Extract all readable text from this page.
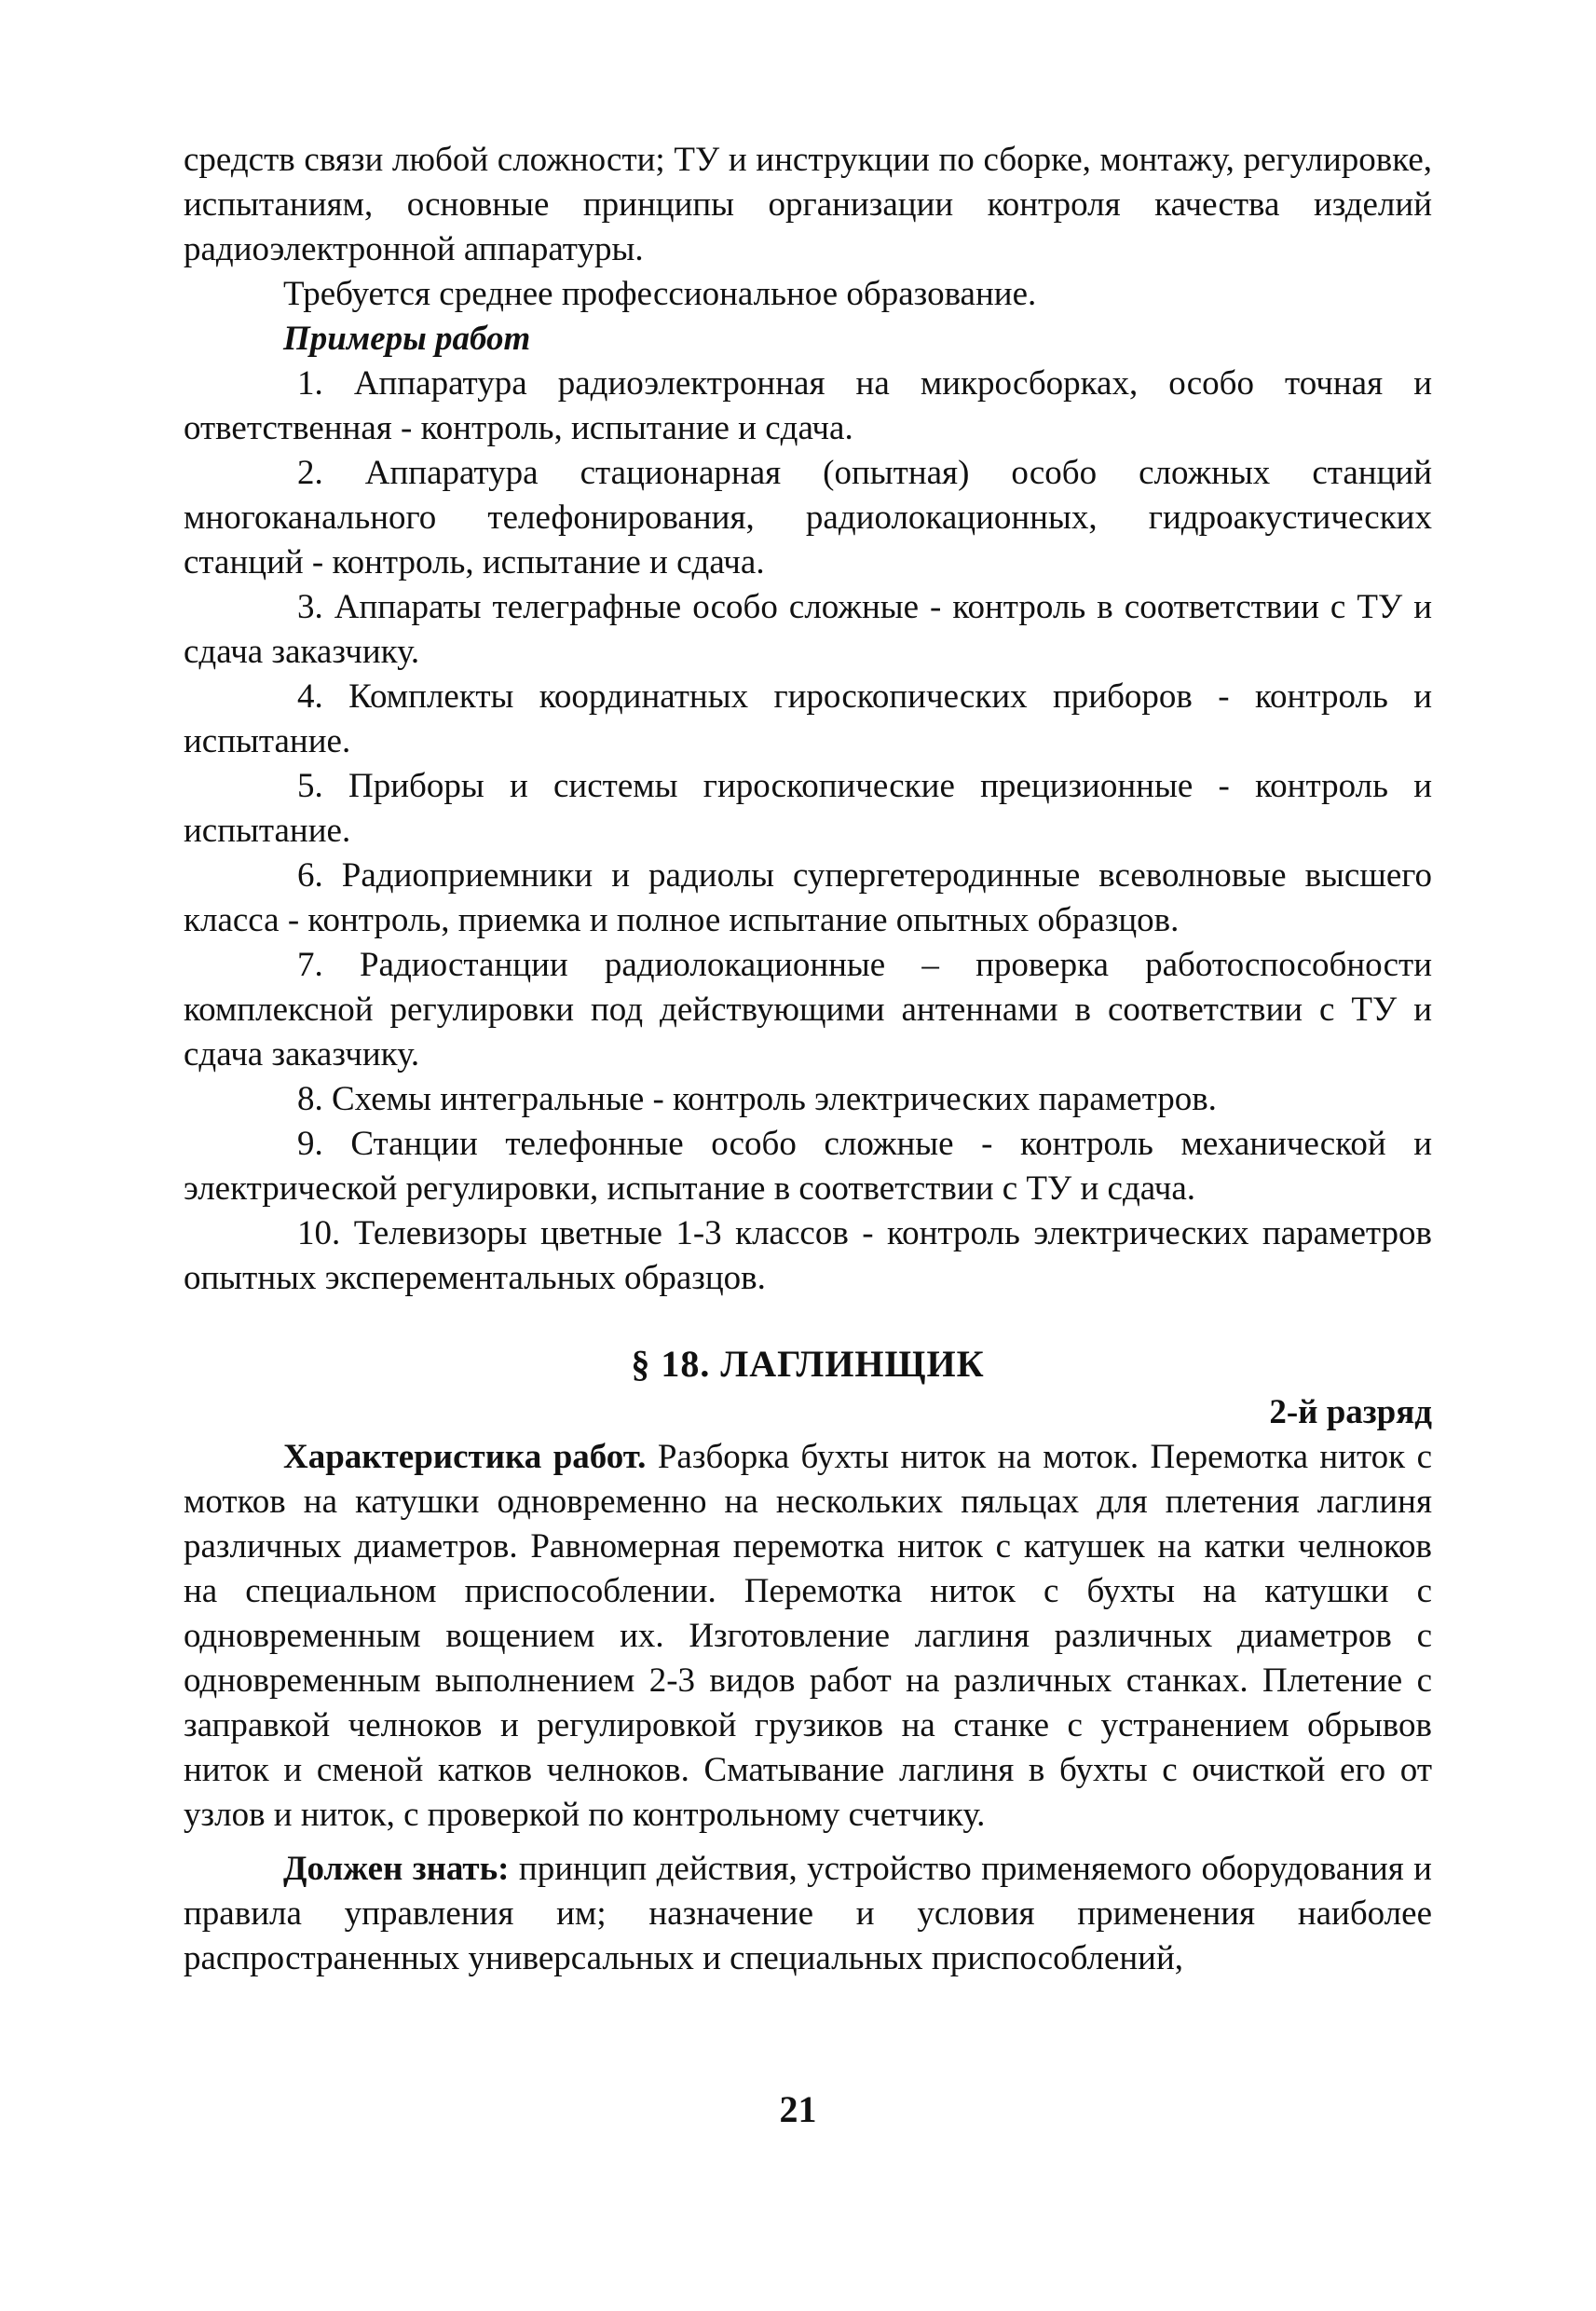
средств связи любой сложности; ТУ и инструкции по сборке, монтажу, регулировке, испытаниям, основные принципы организации контроля качества изделий радиоэлектронной аппаратуры.

Требуется среднее профессиональное образование.

Примеры работ

1. Аппаратура радиоэлектронная на микросборках, особо точная и ответственная - контроль, испытание и сдача.

2. Аппаратура стационарная (опытная) особо сложных станций многоканального телефонирования, радиолокационных, гидроакустических станций - контроль, испытание и сдача.

3. Аппараты телеграфные особо сложные - контроль в соответствии с ТУ и сдача заказчику.

4. Комплекты координатных гироскопических приборов - контроль и испытание.

5. Приборы и системы гироскопические прецизионные - контроль и испытание.

6. Радиоприемники и радиолы супергетеродинные всеволновые высшего класса - контроль, приемка и полное испытание опытных образцов.

7. Радиостанции радиолокационные – проверка работоспособности комплексной регулировки под действующими антеннами в соответствии с ТУ и сдача заказчику.

8. Схемы интегральные - контроль электрических параметров.

9. Станции телефонные особо сложные - контроль механической и электрической регулировки, испытание в соответствии с ТУ и сдача.

10. Телевизоры цветные 1-3 классов - контроль электрических параметров опытных эксперементальных образцов.

§ 18. ЛАГЛИНЩИК

2-й разряд

Характеристика работ. Разборка бухты ниток на моток. Перемотка ниток с мотков на катушки одновременно на нескольких пяльцах для плетения лаглиня различных диаметров. Равномерная перемотка ниток с катушек на катки челноков на специальном приспособлении. Перемотка ниток с бухты на катушки с одновременным вощением их. Изготовление лаглиня различных диаметров с одновременным выполнением 2-3 видов работ на различных станках. Плетение с заправкой челноков и регулировкой грузиков на станке с устранением обрывов ниток и сменой катков челноков. Сматывание лаглиня в бухты с очисткой его от узлов и ниток, с проверкой по контрольному счетчику.

Должен знать: принцип действия, устройство применяемого оборудования и правила управления им; назначение и условия применения наиболее распространенных универсальных и специальных приспособлений,

21
